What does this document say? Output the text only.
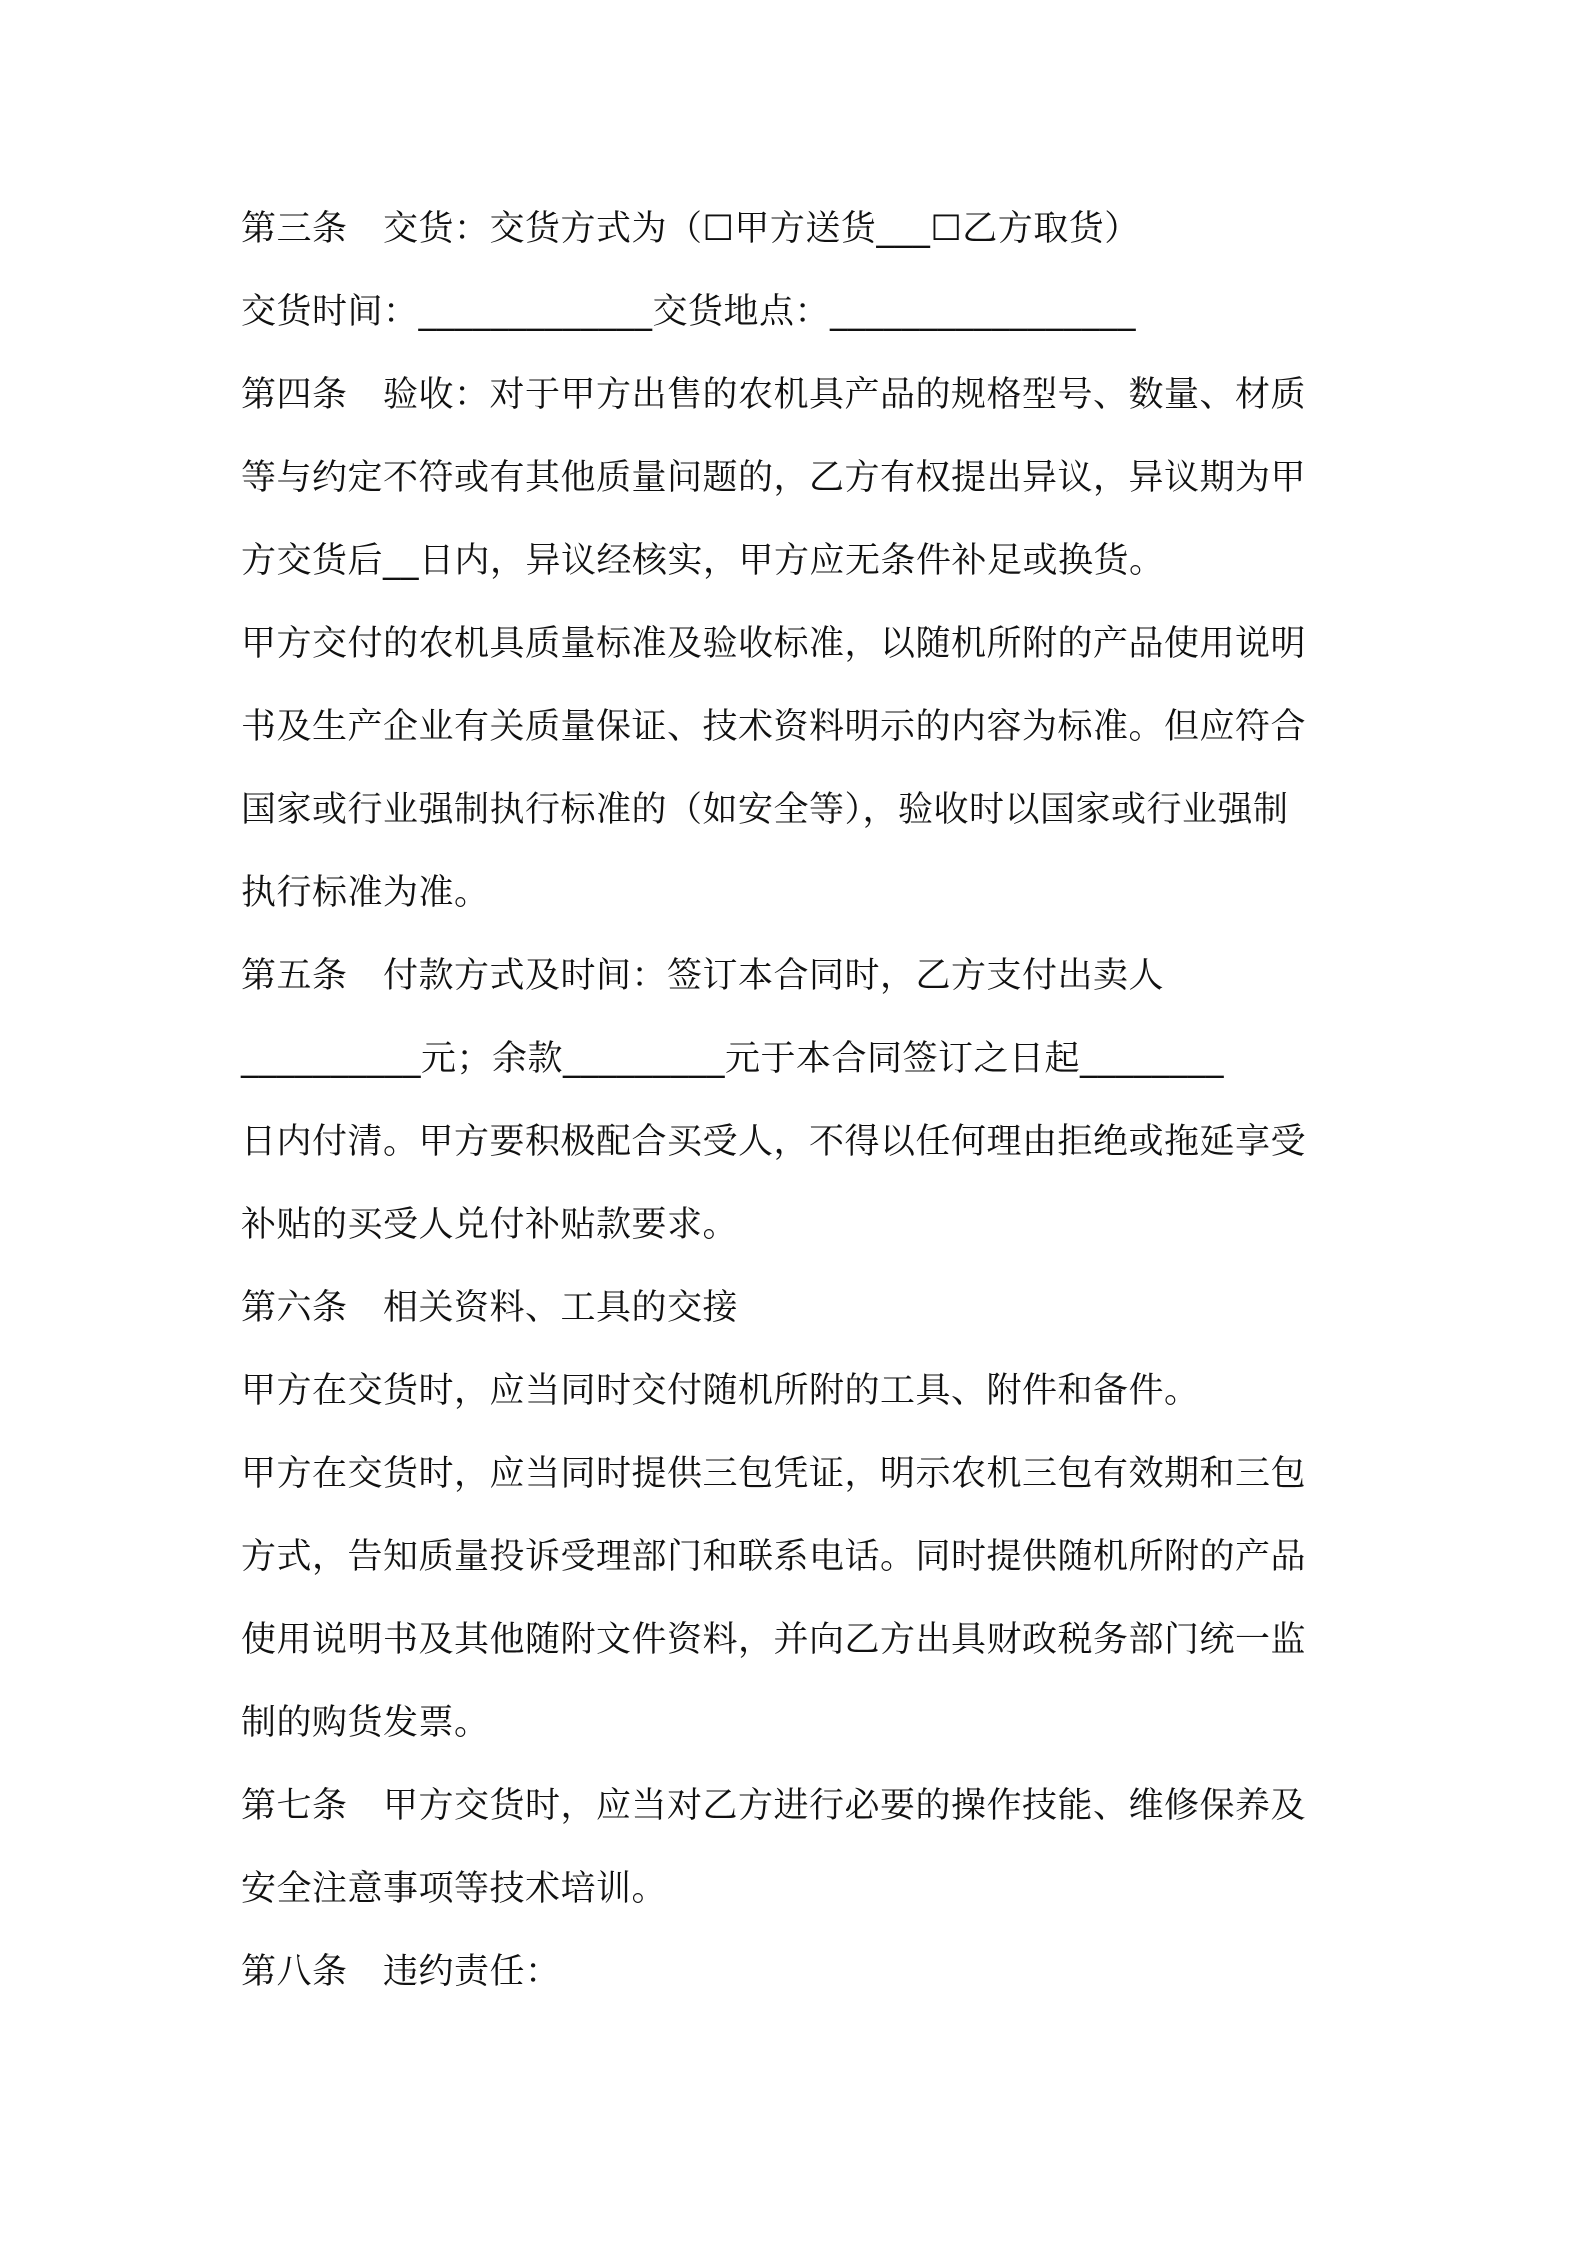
第三条　交货：交货方式为（☐甲方送货___☐乙方取货）
交货时间：_____________交货地点：_________________
第四条　验收：对于甲方出售的农机具产品的规格型号、数量、材质
等与约定不符或有其他质量问题的，乙方有权提出异议，异议期为甲
方交货后__日内，异议经核实，甲方应无条件补足或换货。
甲方交付的农机具质量标准及验收标准，以随机所附的产品使用说明
书及生产企业有关质量保证、技术资料明示的内容为标准。但应符合
国家或行业强制执行标准的（如安全等），验收时以国家或行业强制
执行标准为准。
第五条　付款方式及时间：签订本合同时，乙方支付出卖人
__________元；余款_________元于本合同签订之日起________
日内付清。甲方要积极配合买受人，不得以任何理由拒绝或拖延享受
补贴的买受人兑付补贴款要求。
第六条　相关资料、工具的交接
甲方在交货时，应当同时交付随机所附的工具、附件和备件。
甲方在交货时，应当同时提供三包凭证，明示农机三包有效期和三包
方式，告知质量投诉受理部门和联系电话。同时提供随机所附的产品
使用说明书及其他随附文件资料，并向乙方出具财政税务部门统一监
制的购货发票。
第七条　甲方交货时，应当对乙方进行必要的操作技能、维修保养及
安全注意事项等技术培训。
第八条　违约责任：
